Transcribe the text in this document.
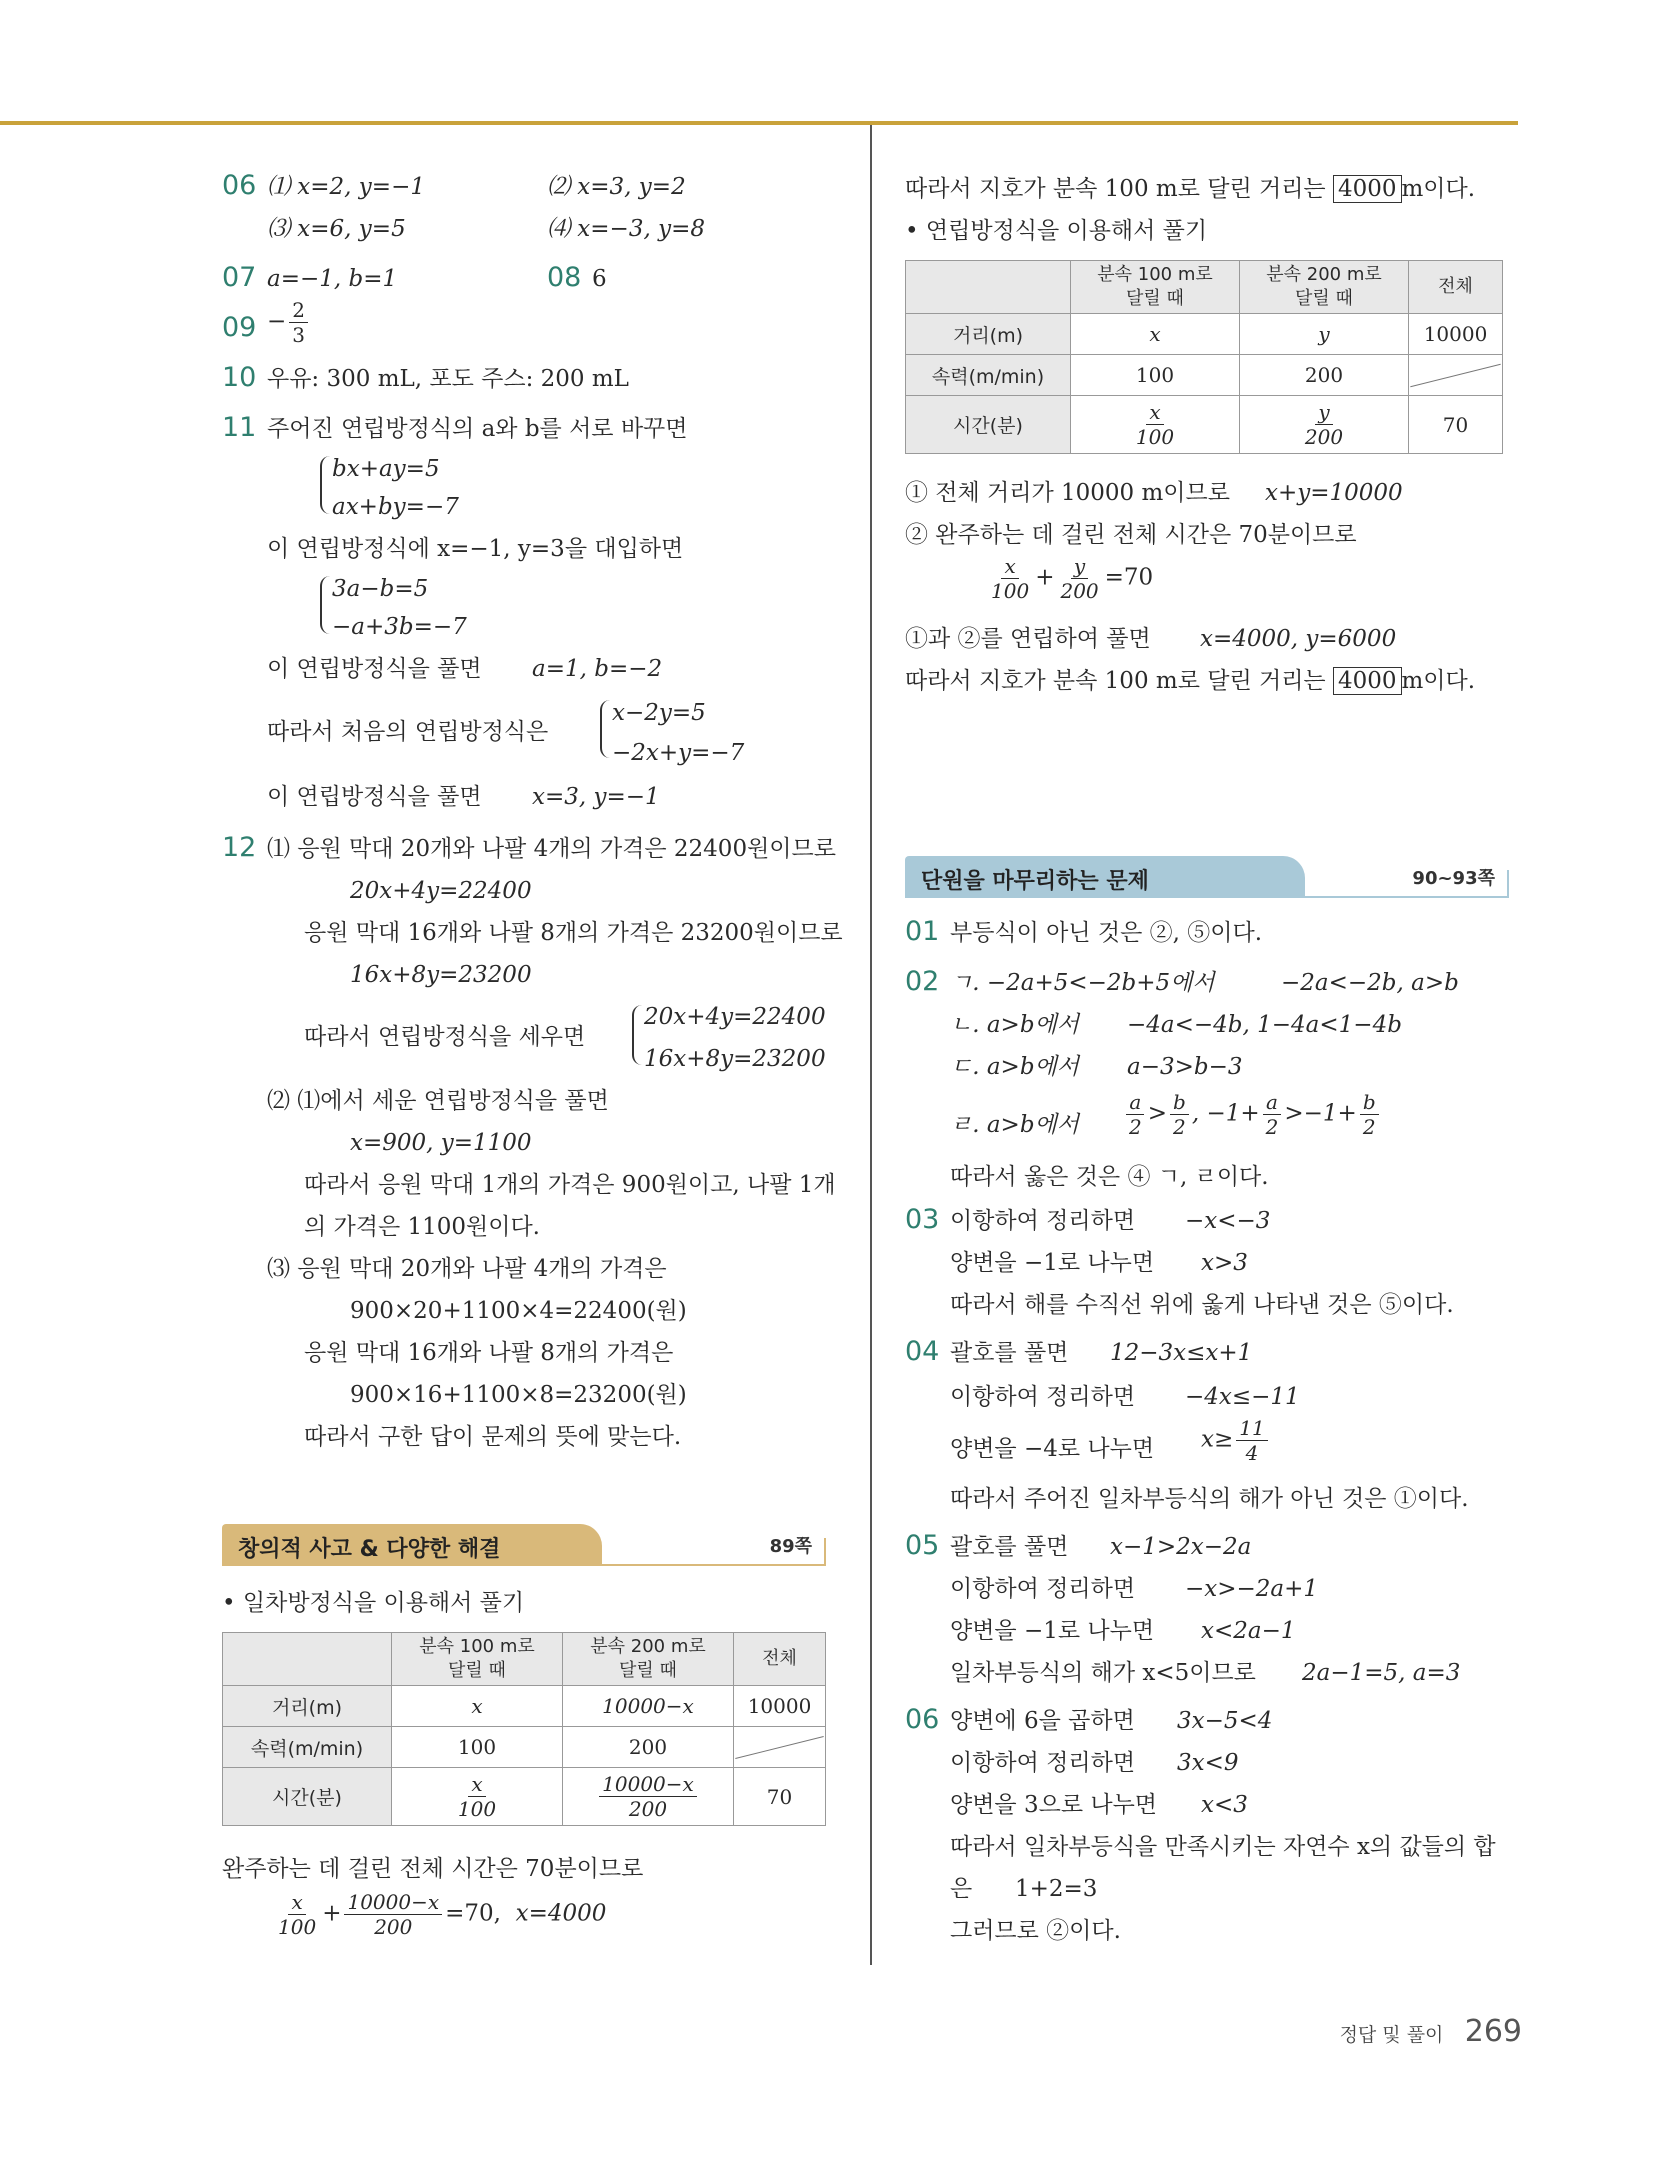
06 ⑴ x=2, y=−1	⑵ x=3, y=2
⑶ x=6, y=5	⑷ x=−3, y=8
07 a=−1, b=1	08 6
$09 - \frac{2}{3}$
10 우유: 300 mL, 포도 주스: 200 mL
11 주어진 연립방정식의 a와 b를 서로 바꾸면
bx+ay=5
ax+by=−7
이 연립방정식에 x=−1, y=3을 대입하면
3a−b=5
−a+3b=−7
이 연립방정식을 풀면 a=1, b=−2
따라서 처음의 연립방정식은
x−2y=5
−2x+y=−7
이 연립방정식을 풀면 x=3, y=−1
12 ⑴ 응원 막대 20개와 나팔 4개의 가격은 22400원이므로
20x+4y=22400
응원 막대 16개와 나팔 8개의 가격은 23200원이므로
16x+8y=23200
따라서 연립방정식을 세우면
20x+4y=22400
16x+8y=23200
⑵ ⑴에서 세운 연립방정식을 풀면
x=900, y=1100
따라서 응원 막대 1개의 가격은 900원이고, 나팔 1개
의 가격은 1100원이다.
⑶ 응원 막대 20개와 나팔 4개의 가격은
900×20+1100×4=22400(원)
응원 막대 16개와 나팔 8개의 가격은
900×16+1100×8=23200(원)
따라서 구한 답이 문제의 뜻에 맞는다.
창의적 사고 & 다양한 해결	89쪽
• 일차방정식을 이용해서 풀기
	분속 100 m로
달릴 때	분속 200 m로
달릴 때	전체
거리(m)	x	10000−x	10000
속력(m/min)	100	200	
시간(분)	$\frac{x}{100}$	$\frac{10000-x}{200}$	70
완주하는 데 걸린 전체 시간은 70분이므로
$\frac{x}{100} + \frac{10000-x}{200} =70$, x=4000
따라서 지호가 분속 100 m로 달린 거리는 4000 m이다.
• 연립방정식을 이용해서 풀기
	분속 100 m로
달릴 때	분속 200 m로
달릴 때	전체
거리(m)	x	y	10000
속력(m/min)	100	200	
시간(분)	$\frac{x}{100}$	$\frac{y}{200}$	70
① 전체 거리가 10000 m이므로 x+y=10000
② 완주하는 데 걸린 전체 시간은 70분이므로
$\frac{x}{100} + \frac{y}{200} =70$
①과 ②를 연립하여 풀면 x=4000, y=6000
따라서 지호가 분속 100 m로 달린 거리는 4000 m이다.
단원을 마무리하는 문제	90~93쪽
01 부등식이 아닌 것은 ②, ⑤이다.
02 ㄱ. −2a+5<−2b+5에서	−2a<−2b, a>b
ㄴ. a>b에서 −4a<−4b, 1−4a<1−4b
ㄷ. a>b에서 a−3>b−3
ㄹ. a>b에서 $\frac{a}{2} > \frac{b}{2}$ , $-1+ \frac{a}{2} >-1+ \frac{b}{2}$
따라서 옳은 것은 ④ ㄱ, ㄹ이다.
03 이항하여 정리하면 −x<−3
양변을 −1로 나누면 x>3
따라서 해를 수직선 위에 옳게 나타낸 것은 ⑤이다.
04 괄호를 풀면 12−3x≤x+1
이항하여 정리하면 −4x≤−11
양변을 −4로 나누면 $x\ge \frac{11}{4}$
따라서 주어진 일차부등식의 해가 아닌 것은 ①이다.
05 괄호를 풀면 x−1>2x−2a
이항하여 정리하면 −x>−2a+1
양변을 −1로 나누면 x<2a−1
일차부등식의 해가 x<5이므로 2a−1=5, a=3
06 양변에 6을 곱하면 3x−5<4
이항하여 정리하면 3x<9
양변을 3으로 나누면 x<3
따라서 일차부등식을 만족시키는 자연수 x의 값들의 합
은 1+2=3
그러므로 ②이다.
정답 및 풀이 269
